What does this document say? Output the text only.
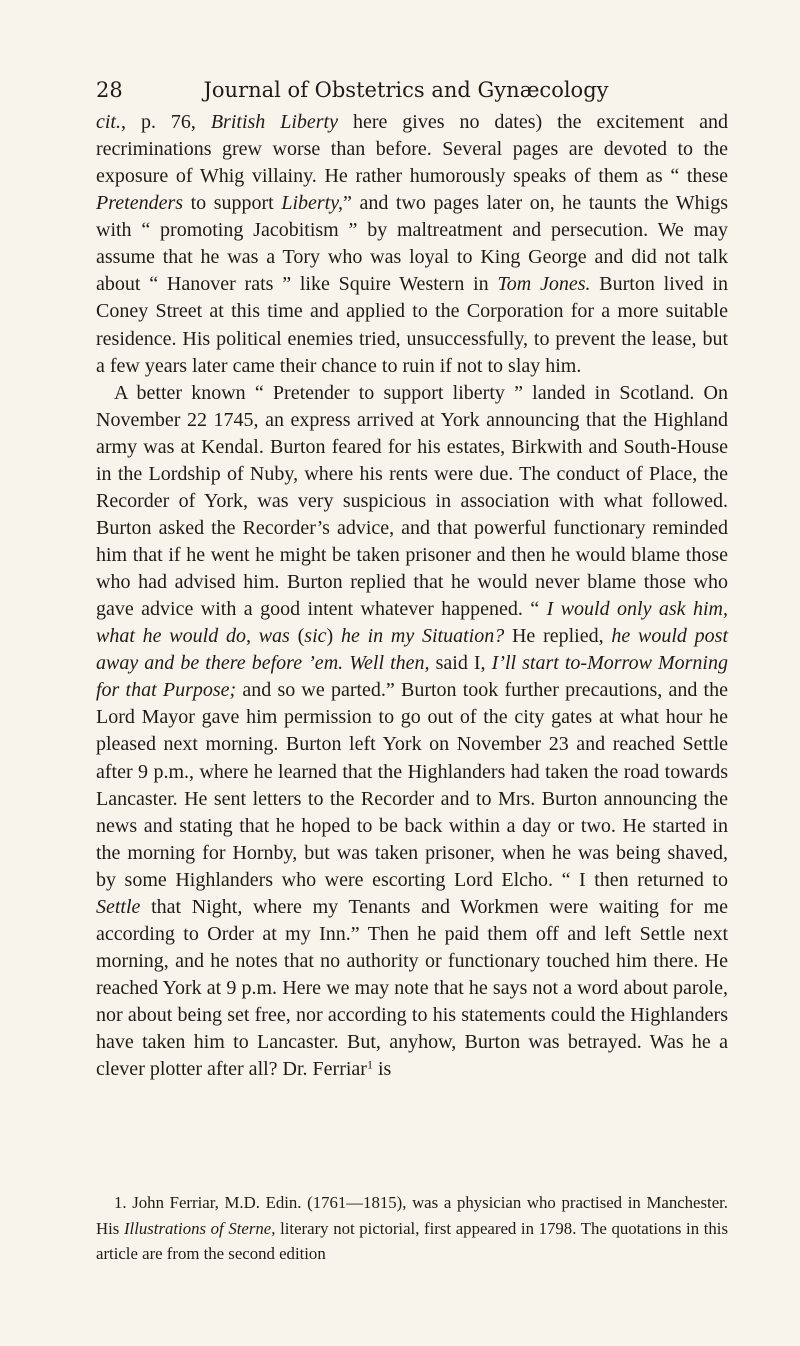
28	Journal of Obstetrics and Gynæcology

cit., p. 76, British Liberty here gives no dates) the excitement and recriminations grew worse than before. Several pages are devoted to the exposure of Whig villainy. He rather humorously speaks of them as “ these Pretenders to support Liberty,” and two pages later on, he taunts the Whigs with “ promoting Jacobitism ” by maltreatment and persecution. We may assume that he was a Tory who was loyal to King George and did not talk about “ Hanover rats ” like Squire Western in Tom Jones. Burton lived in Coney Street at this time and applied to the Corporation for a more suitable residence. His political enemies tried, unsuccessfully, to prevent the lease, but a few years later came their chance to ruin if not to slay him.

A better known “ Pretender to support liberty ” landed in Scotland. On November 22 1745, an express arrived at York announcing that the Highland army was at Kendal. Burton feared for his estates, Birkwith and South-House in the Lordship of Nuby, where his rents were due. The conduct of Place, the Recorder of York, was very suspicious in association with what followed. Burton asked the Recorder’s advice, and that powerful functionary reminded him that if he went he might be taken prisoner and then he would blame those who had advised him. Burton replied that he would never blame those who gave advice with a good intent whatever happened. “ I would only ask him, what he would do, was (sic) he in my Situation? He replied, he would post away and be there before ’em. Well then, said I, I’ll start to-Morrow Morning for that Purpose; and so we parted.” Burton took further precautions, and the Lord Mayor gave him permission to go out of the city gates at what hour he pleased next morning. Burton left York on November 23 and reached Settle after 9 p.m., where he learned that the Highlanders had taken the road towards Lancaster. He sent letters to the Recorder and to Mrs. Burton announcing the news and stating that he hoped to be back within a day or two. He started in the morning for Hornby, but was taken prisoner, when he was being shaved, by some Highlanders who were escorting Lord Elcho. “ I then returned to Settle that Night, where my Tenants and Workmen were waiting for me according to Order at my Inn.” Then he paid them off and left Settle next morning, and he notes that no authority or functionary touched him there. He reached York at 9 p.m. Here we may note that he says not a word about parole, nor about being set free, nor according to his statements could the Highlanders have taken him to Lancaster. But, anyhow, Burton was betrayed. Was he a clever plotter after all? Dr. Ferriar$^1$ is

1. John Ferriar, M.D. Edin. (1761—1815), was a physician who practised in Manchester. His Illustrations of Sterne, literary not pictorial, first appeared in 1798. The quotations in this article are from the second edition
